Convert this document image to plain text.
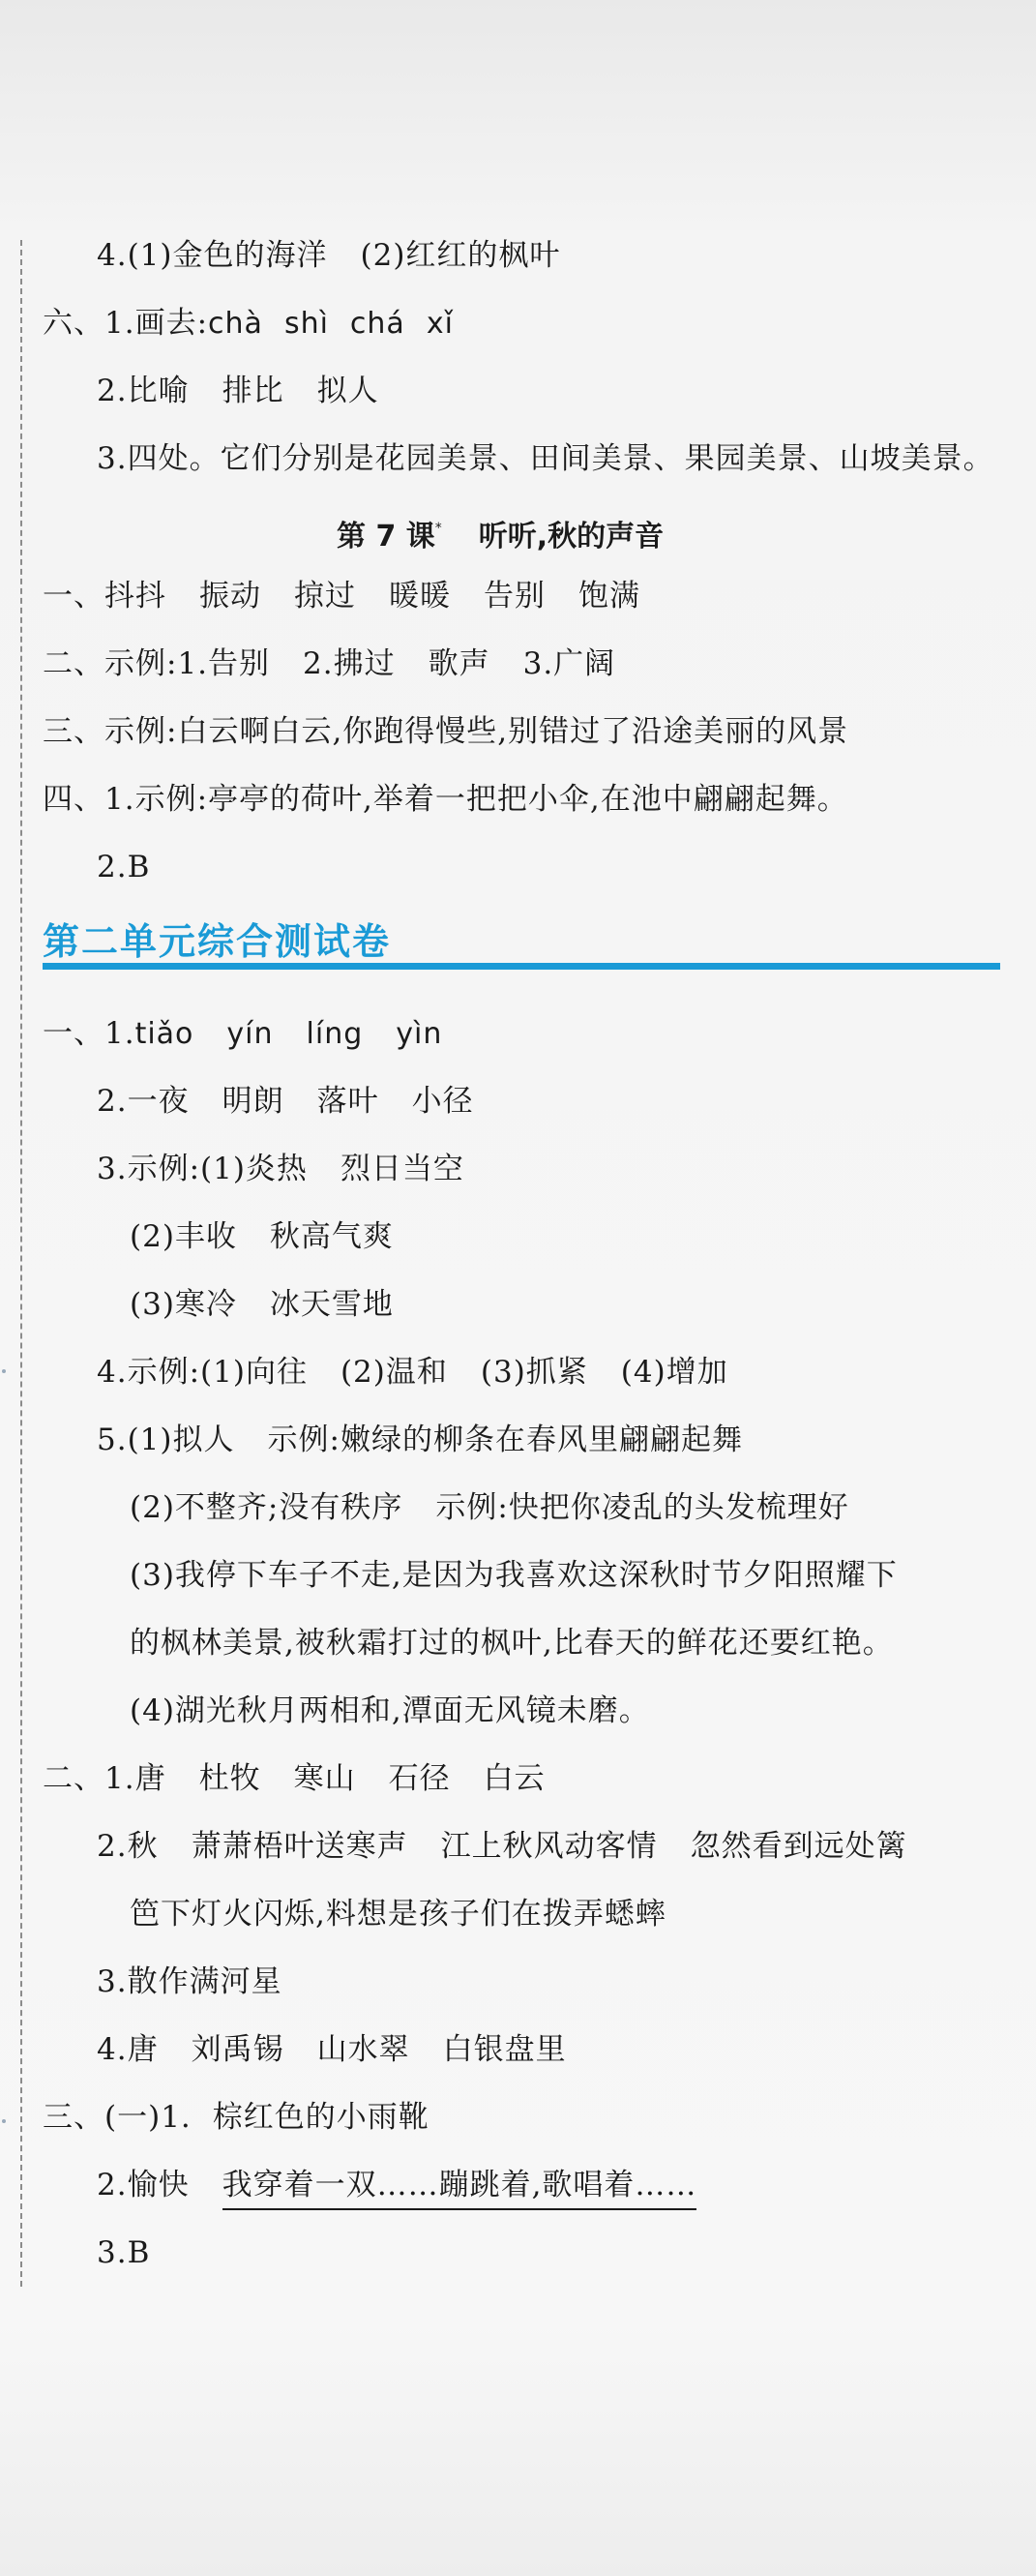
4.(1)金色的海洋 (2)红红的枫叶
六、1.画去:chà shì chá xǐ
2.比喻 排比 拟人
3.四处。它们分别是花园美景、田间美景、果园美景、山坡美景。
第 7 课* 听听,秋的声音
一、抖抖 振动 掠过 暖暖 告别 饱满
二、示例:1.告别 2.拂过 歌声 3.广阔
三、示例:白云啊白云,你跑得慢些,别错过了沿途美丽的风景
四、1.示例:亭亭的荷叶,举着一把把小伞,在池中翩翩起舞。
2.B
第二单元综合测试卷
一、1.tiǎo yín líng yìn
2.一夜 明朗 落叶 小径
3.示例:(1)炎热 烈日当空
(2)丰收 秋高气爽
(3)寒冷 冰天雪地
4.示例:(1)向往 (2)温和 (3)抓紧 (4)增加
5.(1)拟人 示例:嫩绿的柳条在春风里翩翩起舞
(2)不整齐;没有秩序 示例:快把你凌乱的头发梳理好
(3)我停下车子不走,是因为我喜欢这深秋时节夕阳照耀下
的枫林美景,被秋霜打过的枫叶,比春天的鲜花还要红艳。
(4)湖光秋月两相和,潭面无风镜未磨。
二、1.唐 杜牧 寒山 石径 白云
2.秋 萧萧梧叶送寒声 江上秋风动客情 忽然看到远处篱
笆下灯火闪烁,料想是孩子们在拨弄蟋蟀
3.散作满河星
4.唐 刘禹锡 山水翠 白银盘里
三、(一)1. 棕红色的小雨靴
2.愉快 我穿着一双……蹦跳着,歌唱着……
3.B
